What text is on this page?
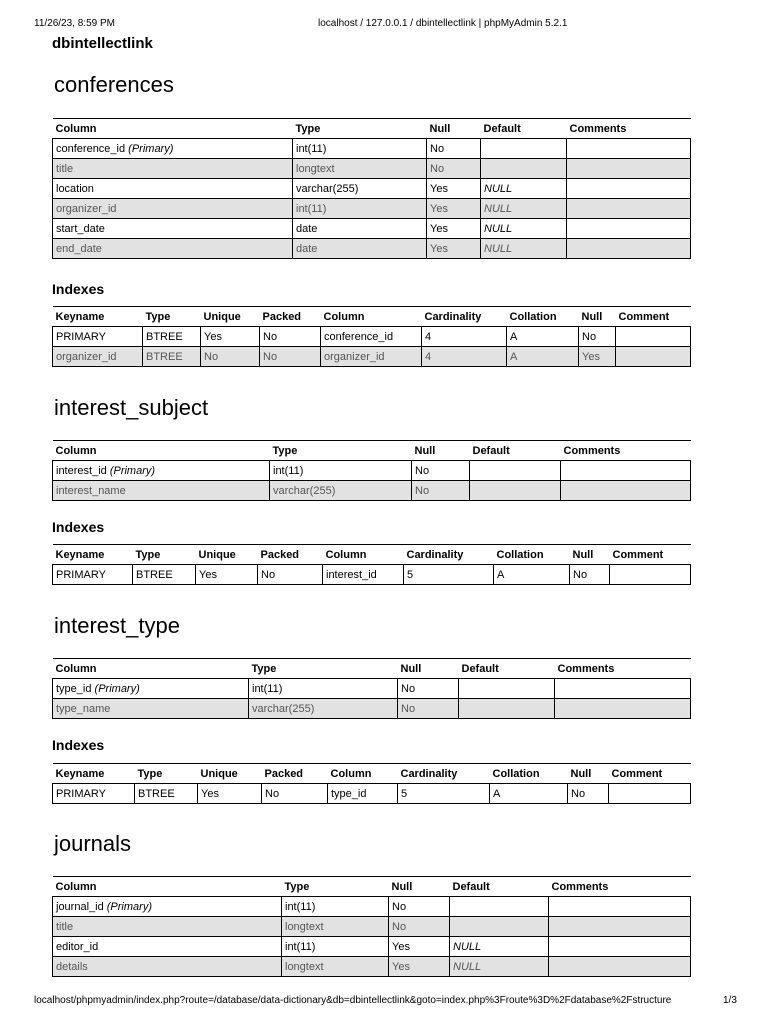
11/26/23, 8:59 PM	localhost / 127.0.0.1 / dbintellectlink | phpMyAdmin 5.2.1
dbintellectlink
conferences
Column	Type	Null	Default	Comments
conference_id (Primary)	int(11)	No		
title	longtext	No		
location	varchar(255)	Yes	NULL	
organizer_id	int(11)	Yes	NULL	
start_date	date	Yes	NULL	
end_date	date	Yes	NULL	
Indexes
Keyname	Type	Unique	Packed	Column	Cardinality	Collation	Null	Comment
PRIMARY	BTREE	Yes	No	conference_id	4	A	No	
organizer_id	BTREE	No	No	organizer_id	4	A	Yes	
interest_subject
Column	Type	Null	Default	Comments
interest_id (Primary)	int(11)	No		
interest_name	varchar(255)	No		
Indexes
Keyname	Type	Unique	Packed	Column	Cardinality	Collation	Null	Comment
PRIMARY	BTREE	Yes	No	interest_id	5	A	No	
interest_type
Column	Type	Null	Default	Comments
type_id (Primary)	int(11)	No		
type_name	varchar(255)	No		
Indexes
Keyname	Type	Unique	Packed	Column	Cardinality	Collation	Null	Comment
PRIMARY	BTREE	Yes	No	type_id	5	A	No	
journals
Column	Type	Null	Default	Comments
journal_id (Primary)	int(11)	No		
title	longtext	No		
editor_id	int(11)	Yes	NULL	
details	longtext	Yes	NULL	
localhost/phpmyadmin/index.php?route=/database/data-dictionary&db=dbintellectlink&goto=index.php%3Froute%3D%2Fdatabase%2Fstructure	1/3
